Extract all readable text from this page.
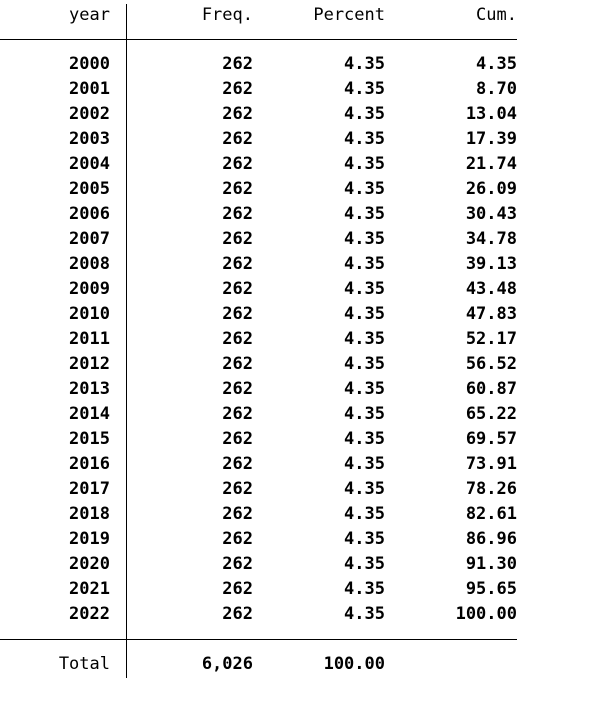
year	Freq.	Percent	Cum.
2000	262	4.35	4.35
2001	262	4.35	8.70
2002	262	4.35	13.04
2003	262	4.35	17.39
2004	262	4.35	21.74
2005	262	4.35	26.09
2006	262	4.35	30.43
2007	262	4.35	34.78
2008	262	4.35	39.13
2009	262	4.35	43.48
2010	262	4.35	47.83
2011	262	4.35	52.17
2012	262	4.35	56.52
2013	262	4.35	60.87
2014	262	4.35	65.22
2015	262	4.35	69.57
2016	262	4.35	73.91
2017	262	4.35	78.26
2018	262	4.35	82.61
2019	262	4.35	86.96
2020	262	4.35	91.30
2021	262	4.35	95.65
2022	262	4.35	100.00
Total	6,026	100.00
